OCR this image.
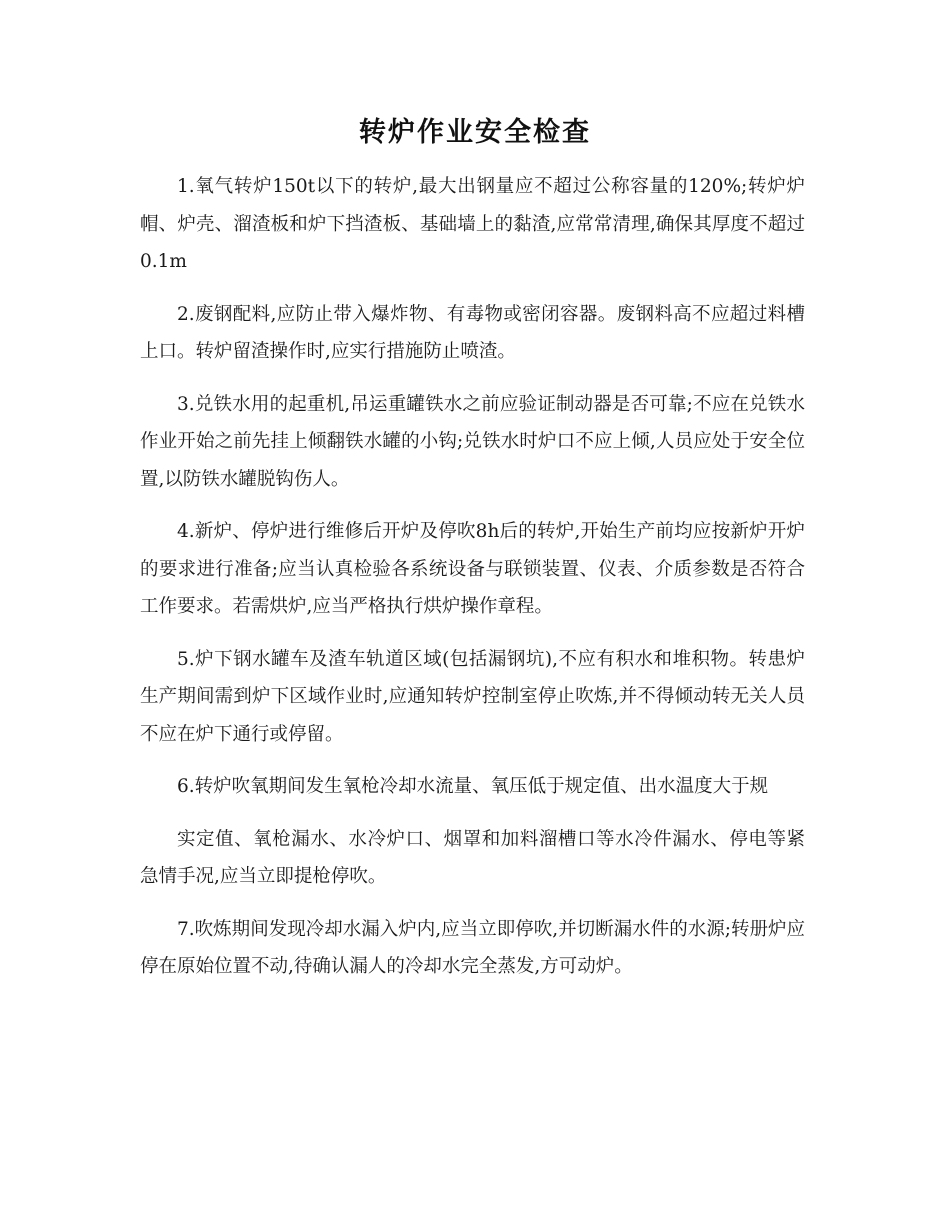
转炉作业安全检查

1.氧气转炉150t以下的转炉,最大出钢量应不超过公称容量的120%;转炉炉帽、炉壳、溜渣板和炉下挡渣板、基础墙上的黏渣,应常常清理,确保其厚度不超过0.1m

2.废钢配料,应防止带入爆炸物、有毒物或密闭容器。废钢料高不应超过料槽上口。转炉留渣操作时,应实行措施防止喷渣。

3.兑铁水用的起重机,吊运重罐铁水之前应验证制动器是否可靠;不应在兑铁水作业开始之前先挂上倾翻铁水罐的小钩;兑铁水时炉口不应上倾,人员应处于安全位置,以防铁水罐脱钩伤人。

4.新炉、停炉进行维修后开炉及停吹8h后的转炉,开始生产前均应按新炉开炉的要求进行准备;应当认真检验各系统设备与联锁装置、仪表、介质参数是否符合工作要求。若需烘炉,应当严格执行烘炉操作章程。

5.炉下钢水罐车及渣车轨道区域(包括漏钢坑),不应有积水和堆积物。转患炉生产期间需到炉下区域作业时,应通知转炉控制室停止吹炼,并不得倾动转无关人员不应在炉下通行或停留。

6.转炉吹氧期间发生氧枪冷却水流量、氧压低于规定值、出水温度大于规

实定值、氧枪漏水、水冷炉口、烟罩和加料溜槽口等水冷件漏水、停电等紧急情手况,应当立即提枪停吹。

7.吹炼期间发现冷却水漏入炉内,应当立即停吹,并切断漏水件的水源;转册炉应停在原始位置不动,待确认漏人的冷却水完全蒸发,方可动炉。
